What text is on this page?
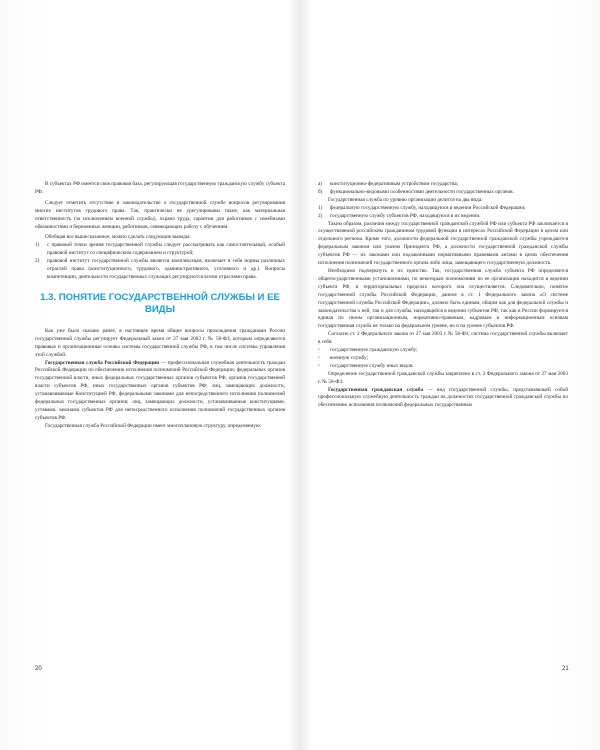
В субъектах РФ имеется своя правовая база, регулирующая государственную гражданскую службу субъекта РФ.

Следует отметить отсутствие в законодательстве о государственной службе вопросов регулирования многих институтов трудового права. Так, практически не урегулированы такие, как материальная ответственность (за исключением военной службы), охрана труда, гарантии для работников с семейными обязанностями и беременных женщин, работников, совмещающих работу с обучением.

Обобщая все вышесказанное, можно сделать следующие выводы:

1)	с правовой точки зрения государственной службы следует рассматривать как самостоятельный, особый правовой институт со специфическим содержанием и структурой;
2)	правовой институт государственной службы является комплексным, включает в себя нормы различных отраслей права (конституционного, трудового, административного, уголовного и др.). Вопросы компетенции, деятельности государственных служащих регулируются всеми отраслями права.
1.3. ПОНЯТИЕ ГОСУДАРСТВЕННОЙ СЛУЖБЫ И ЕЕ ВИДЫ

Как уже было сказано ранее, в настоящее время общие вопросы прохождения гражданами России государственной службы регулирует Федеральный закон от 27 мая 2003 г. № 58-ФЗ, которым определяются правовые и организационные основы системы государственной службы РФ, в том числе системы управления этой службой.

Государственная служба Российской Федерации — профессиональная служебная деятельность граждан Российской Федерации по обеспечению исполнения полномочий Российской Федерации; федеральных органов государственной власти, иных федеральных государственных органов субъектов РФ, органов государственной власти субъектов РФ, иных государственных органов субъектов РФ; лиц, замещающих должности, устанавливаемые Конституцией РФ, федеральными законами для непосредственного исполнения полномочий федеральных государственных органов; лиц, замещающих должности, устанавливаемые конституциями, уставами, законами субъектов РФ для непосредственного исполнения полномочий государственных органов субъектов РФ.

Государственная служба Российской Федерации имеет многоплановую структуру, определяемую:

20
а)	конституционно-федеративным устройством государства;
б)	функционально-видовыми особенностями деятельности государственных органов.

Государственная служба по уровню организации делится на два вида:

1)	федеральную государственную службу, находящуюся в ведении Российской Федерации;
2)	государственную службу субъектов РФ, находящуюся в их ведении.

Таким образом, различия между государственной гражданской службой РФ или субъекта РФ заключается в осуществляемой российским гражданином трудовой функции в интересах Российской Федерации в целом или отдельного региона. Кроме того, должности федеральной государственной гражданской службы учреждаются федеральным законом или указом Президента РФ, а должности государственной гражданской службы субъектов РФ — их законами или подзаконными нормативными правовыми актами в целях обеспечения исполнения полномочий государственного органа либо лица, замещающего государственную должность.

Необходимо подчеркнуть и их единство. Так, государственная служба субъекта РФ определяется общегосударственными установлениями, по некоторым полномочиям по ее организации находится в ведении субъекта РФ, в территориальных пределах которого она осуществляется. Следовательно, понятие государственной службы Российской Федерации, данное в ст. 1 Федерального закона «О системе государственной службы Российской Федерации», должно быть единым, общим как для федеральной службы и законодательства о ней, так и для службы, находящейся в ведении субъектов РФ, так как в России формируется единая по своим организационным, нормативно-правовым, кадровым и информационным основам государственная служба не только на федеральном уровне, но и на уровне субъектов РФ.

Согласно ст. 2 Федерального закона от 27 мая 2003 г. № 58-ФЗ, система государственной службы включает в себя:

•	государственную гражданскую службу;
•	военную службу;
•	государственную службу иных видов.

Определение государственной гражданской службы закреплено в ст. 3 Федерального закона от 27 мая 2003 г. № 58-ФЗ.

Государственная гражданская служба — вид государственной службы, представляющей собой профессиональную служебную деятельность граждан на должностях государственной гражданской службы по обеспечению исполнения полномочий федеральных государственных

21
